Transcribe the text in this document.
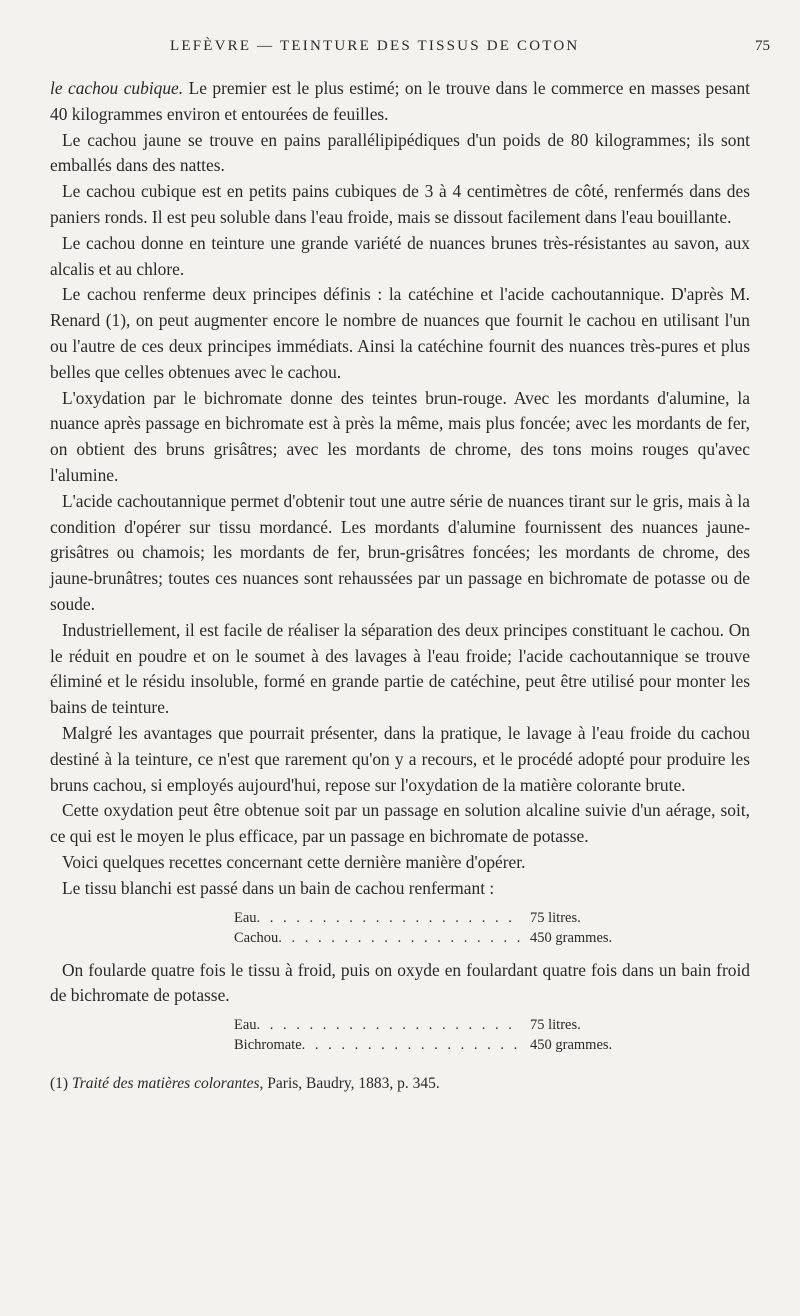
LEFÈVRE — TEINTURE DES TISSUS DE COTON	75

le cachou cubique. Le premier est le plus estimé; on le trouve dans le commerce en masses pesant 40 kilogrammes environ et entourées de feuilles.

Le cachou jaune se trouve en pains parallélipipédiques d'un poids de 80 kilogrammes; ils sont emballés dans des nattes.

Le cachou cubique est en petits pains cubiques de 3 à 4 centimètres de côté, renfermés dans des paniers ronds. Il est peu soluble dans l'eau froide, mais se dissout facilement dans l'eau bouillante.

Le cachou donne en teinture une grande variété de nuances brunes très-résistantes au savon, aux alcalis et au chlore.

Le cachou renferme deux principes définis : la catéchine et l'acide cachoutannique. D'après M. Renard (1), on peut augmenter encore le nombre de nuances que fournit le cachou en utilisant l'un ou l'autre de ces deux principes immédiats. Ainsi la catéchine fournit des nuances très-pures et plus belles que celles obtenues avec le cachou.

L'oxydation par le bichromate donne des teintes brun-rouge. Avec les mordants d'alumine, la nuance après passage en bichromate est à près la même, mais plus foncée; avec les mordants de fer, on obtient des bruns grisâtres; avec les mordants de chrome, des tons moins rouges qu'avec l'alumine.

L'acide cachoutannique permet d'obtenir tout une autre série de nuances tirant sur le gris, mais à la condition d'opérer sur tissu mordancé. Les mordants d'alumine fournissent des nuances jaune-grisâtres ou chamois; les mordants de fer, brun-grisâtres foncées; les mordants de chrome, des jaune-brunâtres; toutes ces nuances sont rehaussées par un passage en bichromate de potasse ou de soude.

Industriellement, il est facile de réaliser la séparation des deux principes constituant le cachou. On le réduit en poudre et on le soumet à des lavages à l'eau froide; l'acide cachoutannique se trouve éliminé et le résidu insoluble, formé en grande partie de catéchine, peut être utilisé pour monter les bains de teinture.

Malgré les avantages que pourrait présenter, dans la pratique, le lavage à l'eau froide du cachou destiné à la teinture, ce n'est que rarement qu'on y a recours, et le procédé adopté pour produire les bruns cachou, si employés aujourd'hui, repose sur l'oxydation de la matière colorante brute.

Cette oxydation peut être obtenue soit par un passage en solution alcaline suivie d'un aérage, soit, ce qui est le moyen le plus efficace, par un passage en bichromate de potasse.

Voici quelques recettes concernant cette dernière manière d'opérer.

Le tissu blanchi est passé dans un bain de cachou renfermant :

Eau . . .	75 litres.
Cachou . . .	450 grammes.

On foularde quatre fois le tissu à froid, puis on oxyde en foulardant quatre fois dans un bain froid de bichromate de potasse.

Eau . . .	75 litres.
Bichromate . . .	450 grammes.
(1) Traité des matières colorantes, Paris, Baudry, 1883, p. 345.
